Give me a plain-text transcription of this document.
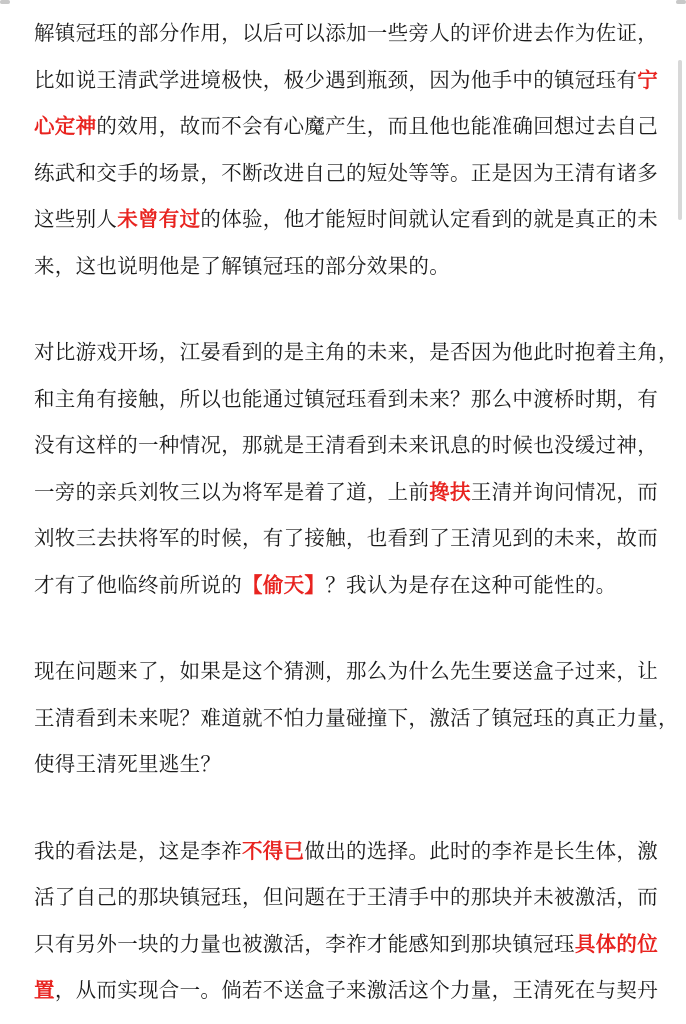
解镇冠珏的部分作用，以后可以添加一些旁人的评价进去作为佐证，
比如说王清武学进境极快，极少遇到瓶颈，因为他手中的镇冠珏有宁
心定神的效用，故而不会有心魔产生，而且他也能准确回想过去自己
练武和交手的场景，不断改进自己的短处等等。正是因为王清有诸多
这些别人未曾有过的体验，他才能短时间就认定看到的就是真正的未
来，这也说明他是了解镇冠珏的部分效果的。

对比游戏开场，江晏看到的是主角的未来，是否因为他此时抱着主角，
和主角有接触，所以也能通过镇冠珏看到未来？那么中渡桥时期，有
没有这样的一种情况，那就是王清看到未来讯息的时候也没缓过神，
一旁的亲兵刘牧三以为将军是着了道，上前搀扶王清并询问情况，而
刘牧三去扶将军的时候，有了接触，也看到了王清见到的未来，故而
才有了他临终前所说的【偷天】？我认为是存在这种可能性的。

现在问题来了，如果是这个猜测，那么为什么先生要送盒子过来，让
王清看到未来呢？难道就不怕力量碰撞下，激活了镇冠珏的真正力量，
使得王清死里逃生？

我的看法是，这是李祚不得已做出的选择。此时的李祚是长生体，激
活了自己的那块镇冠珏，但问题在于王清手中的那块并未被激活，而
只有另外一块的力量也被激活，李祚才能感知到那块镇冠珏具体的位
置，从而实现合一。倘若不送盒子来激活这个力量，王清死在与契丹
